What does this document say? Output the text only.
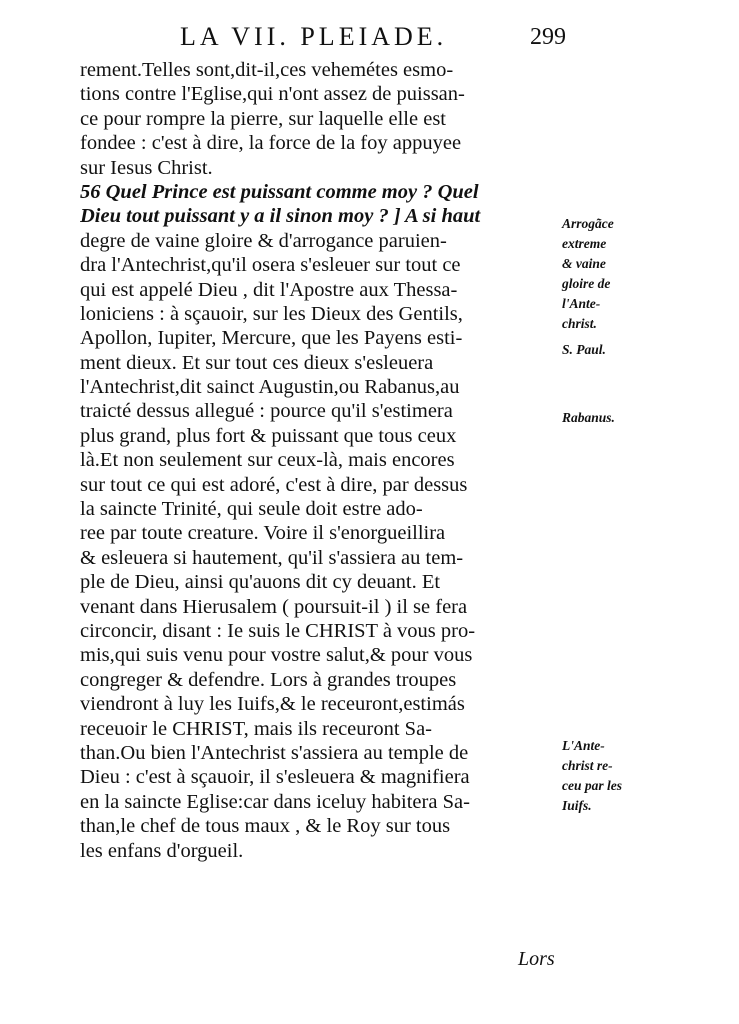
LA VII. PLEIADE.	299
rement.Telles sont,dit-il,ces vehemétes esmo-
tions contre l'Eglise,qui n'ont assez de puissan-
ce pour rompre la pierre, sur laquelle elle est
fondee : c'est à dire, la force de la foy appuyee
sur Iesus Christ.
56 Quel Prince est puissant comme moy ? Quel
Dieu tout puissant y a il sinon moy ? ] A si haut
degre de vaine gloire & d'arrogance paruien-
dra l'Antechrist,qu'il osera s'esleuer sur tout ce
qui est appelé Dieu , dit l'Apostre aux Thessa-
loniciens : à sçauoir, sur les Dieux des Gentils,
Apollon, Iupiter, Mercure, que les Payens esti-
ment dieux. Et sur tout ces dieux s'esleuera
l'Antechrist,dit sainct Augustin,ou Rabanus,au
traicté dessus allegué : pource qu'il s'estimera
plus grand, plus fort & puissant que tous ceux
là.Et non seulement sur ceux-là, mais encores
sur tout ce qui est adoré, c'est à dire, par dessus
la saincte Trinité, qui seule doit estre ado-
ree par toute creature. Voire il s'enorgueillira
& esleuera si hautement, qu'il s'assiera au tem-
ple de Dieu, ainsi qu'auons dit cy deuant. Et
venant dans Hierusalem ( poursuit-il ) il se fera
circoncir, disant : Ie suis le CHRIST à vous pro-
mis,qui suis venu pour vostre salut,& pour vous
congreger & defendre. Lors à grandes troupes
viendront à luy les Iuifs,& le receuront,estimás
receuoir le CHRIST, mais ils receuront Sa-
than.Ou bien l'Antechrist s'assiera au temple de
Dieu : c'est à sçauoir, il s'esleuera & magnifiera
en la saincte Eglise:car dans iceluy habitera Sa-
than,le chef de tous maux , & le Roy sur tous
les enfans d'orgueil.
Arrogãce
extreme
& vaine
gloire de
l'Ante-
christ.
S. Paul.
Rabanus.
L'Ante-
christ re-
ceu par les
Iuifs.
Lors
